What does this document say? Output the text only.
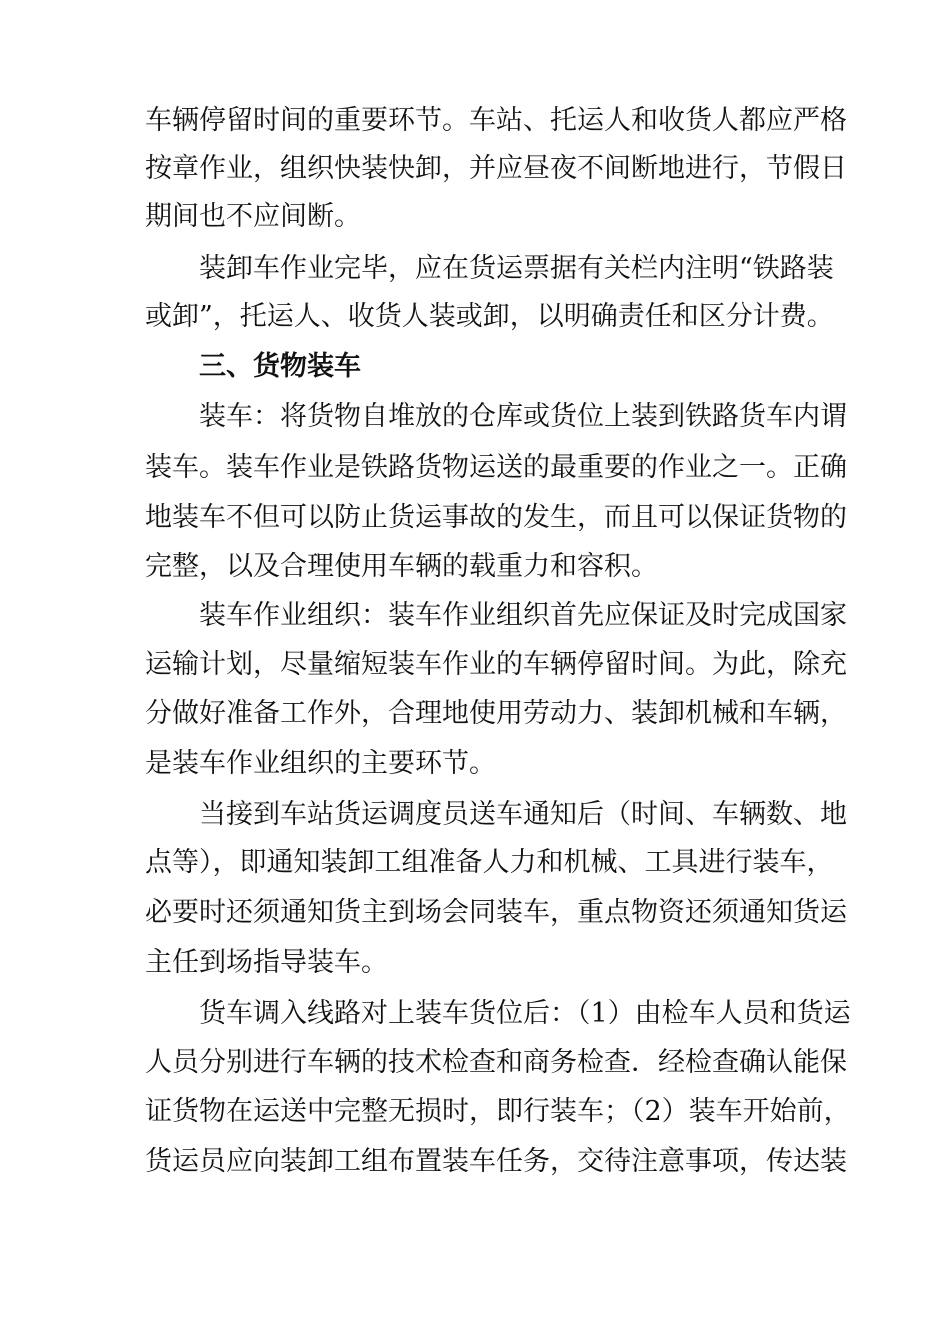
车辆停留时间的重要环节。车站、托运人和收货人都应严格
按章作业，组织快装快卸，并应昼夜不间断地进行，节假日
期间也不应间断。
装卸车作业完毕，应在货运票据有关栏内注明“铁路装
或卸”，托运人、收货人装或卸，以明确责任和区分计费。
三、货物装车
装车：将货物自堆放的仓库或货位上装到铁路货车内谓
装车。装车作业是铁路货物运送的最重要的作业之一。正确
地装车不但可以防止货运事故的发生，而且可以保证货物的
完整，以及合理使用车辆的载重力和容积。
装车作业组织：装车作业组织首先应保证及时完成国家
运输计划，尽量缩短装车作业的车辆停留时间。为此，除充
分做好准备工作外，合理地使用劳动力、装卸机械和车辆，
是装车作业组织的主要环节。
当接到车站货运调度员送车通知后（时间、车辆数、地
点等），即通知装卸工组准备人力和机械、工具进行装车，
必要时还须通知货主到场会同装车，重点物资还须通知货运
主任到场指导装车。
货车调入线路对上装车货位后：（1）由检车人员和货运
人员分别进行车辆的技术检查和商务检查．经检查确认能保
证货物在运送中完整无损时，即行装车；（2）装车开始前，
货运员应向装卸工组布置装车任务，交待注意事项，传达装
